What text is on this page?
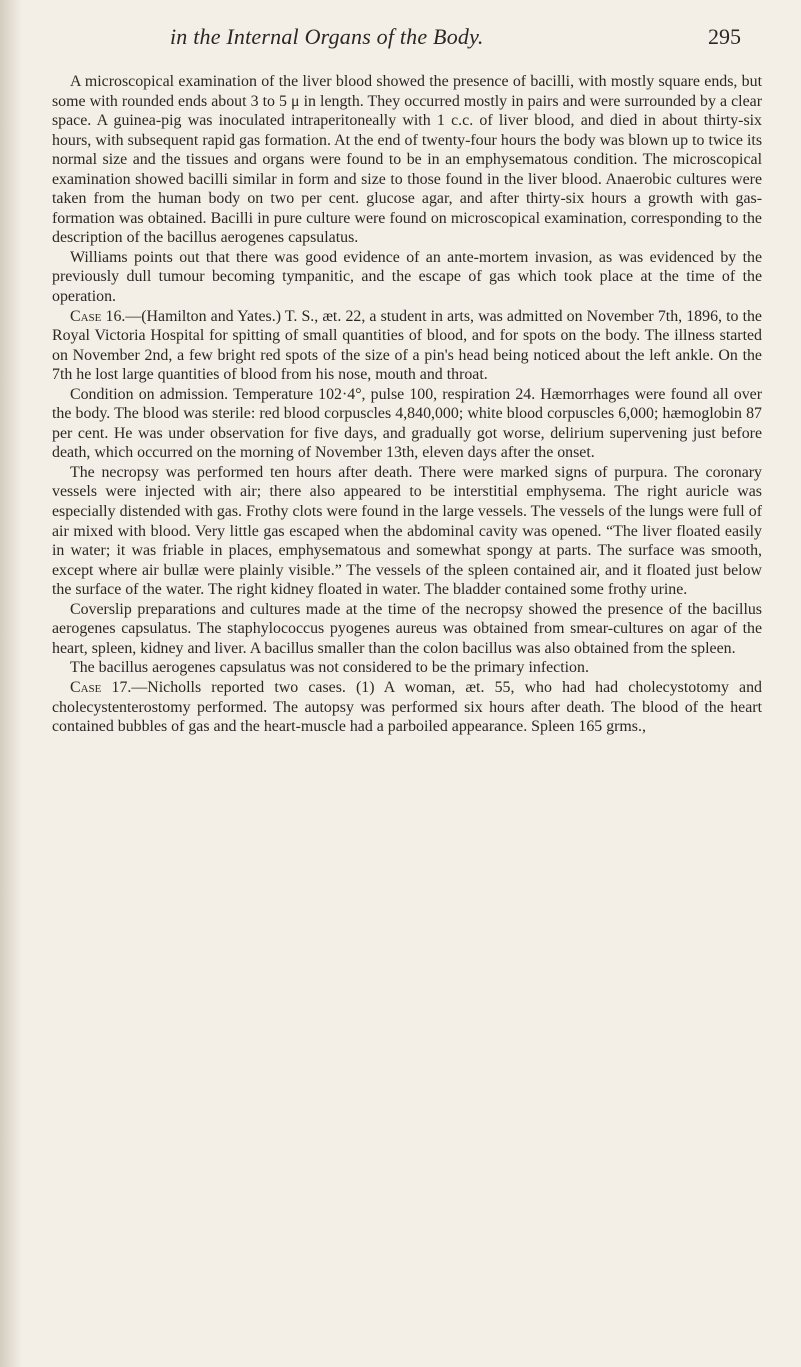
in the Internal Organs of the Body.	295

A microscopical examination of the liver blood showed the presence of bacilli, with mostly square ends, but some with rounded ends about 3 to 5 μ in length. They occurred mostly in pairs and were surrounded by a clear space. A guinea-pig was inoculated intraperitoneally with 1 c.c. of liver blood, and died in about thirty-six hours, with subsequent rapid gas formation. At the end of twenty-four hours the body was blown up to twice its normal size and the tissues and organs were found to be in an emphysematous condition. The microscopical examination showed bacilli similar in form and size to those found in the liver blood. Anaerobic cultures were taken from the human body on two per cent. glucose agar, and after thirty-six hours a growth with gas-formation was obtained. Bacilli in pure culture were found on microscopical examination, corresponding to the description of the bacillus aerogenes capsulatus.

Williams points out that there was good evidence of an ante-mortem invasion, as was evidenced by the previously dull tumour becoming tympanitic, and the escape of gas which took place at the time of the operation.

Case 16.—(Hamilton and Yates.) T. S., æt. 22, a student in arts, was admitted on November 7th, 1896, to the Royal Victoria Hospital for spitting of small quantities of blood, and for spots on the body. The illness started on November 2nd, a few bright red spots of the size of a pin's head being noticed about the left ankle. On the 7th he lost large quantities of blood from his nose, mouth and throat.

Condition on admission. Temperature 102·4°, pulse 100, respiration 24. Hæmorrhages were found all over the body. The blood was sterile: red blood corpuscles 4,840,000; white blood corpuscles 6,000; hæmoglobin 87 per cent. He was under observation for five days, and gradually got worse, delirium supervening just before death, which occurred on the morning of November 13th, eleven days after the onset.

The necropsy was performed ten hours after death. There were marked signs of purpura. The coronary vessels were injected with air; there also appeared to be interstitial emphysema. The right auricle was especially distended with gas. Frothy clots were found in the large vessels. The vessels of the lungs were full of air mixed with blood. Very little gas escaped when the abdominal cavity was opened. “The liver floated easily in water; it was friable in places, emphysematous and somewhat spongy at parts. The surface was smooth, except where air bullæ were plainly visible.” The vessels of the spleen contained air, and it floated just below the surface of the water. The right kidney floated in water. The bladder contained some frothy urine.

Coverslip preparations and cultures made at the time of the necropsy showed the presence of the bacillus aerogenes capsulatus. The staphylococcus pyogenes aureus was obtained from smear-cultures on agar of the heart, spleen, kidney and liver. A bacillus smaller than the colon bacillus was also obtained from the spleen.

The bacillus aerogenes capsulatus was not considered to be the primary infection.

Case 17.—Nicholls reported two cases. (1) A woman, æt. 55, who had had cholecystotomy and cholecystenterostomy performed. The autopsy was performed six hours after death. The blood of the heart contained bubbles of gas and the heart-muscle had a parboiled appearance. Spleen 165 grms.,
